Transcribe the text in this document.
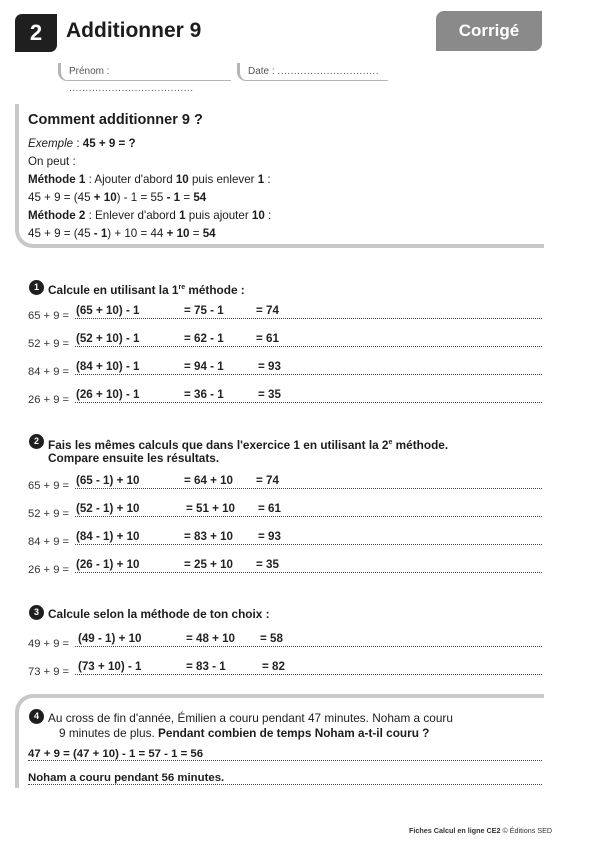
2	Additionner 9	Corrigé
Prénom : ......................................
Date : ...............................
Comment additionner 9 ?
Exemple : 45 + 9 = ?
On peut :
Méthode 1 : Ajouter d'abord 10 puis enlever 1 :
45 + 9 = (45 + 10) - 1 = 55 - 1 = 54
Méthode 2 : Enlever d'abord 1 puis ajouter 10 :
45 + 9 = (45 - 1) + 10 = 44 + 10 = 54
1 Calcule en utilisant la 1re méthode :
65 + 9 = (65 + 10) - 1	= 75 - 1	= 74
52 + 9 = (52 + 10) - 1	= 62 - 1	= 61
84 + 9 = (84 + 10) - 1	= 94 - 1	= 93
26 + 9 = (26 + 10) - 1	= 36 - 1	= 35
2 Fais les mêmes calculs que dans l'exercice 1 en utilisant la 2e méthode.
Compare ensuite les résultats.
65 + 9 = (65 - 1) + 10	= 64 + 10 = 74
52 + 9 = (52 - 1) + 10	= 51 + 10 = 61
84 + 9 = (84 - 1) + 10	= 83 + 10 = 93
26 + 9 = (26 - 1) + 10	= 25 + 10 = 35
3 Calcule selon la méthode de ton choix :
49 + 9 = (49 - 1) + 10	= 48 + 10 = 58
73 + 9 = (73 + 10) - 1	= 83 - 1	= 82
4 Au cross de fin d'année, Émilien a couru pendant 47 minutes. Noham a couru
9 minutes de plus. Pendant combien de temps Noham a-t-il couru ?
47 + 9 = (47 + 10) - 1 = 57 - 1 = 56
Noham a couru pendant 56 minutes.
Fiches Calcul en ligne CE2 © Éditions SED
